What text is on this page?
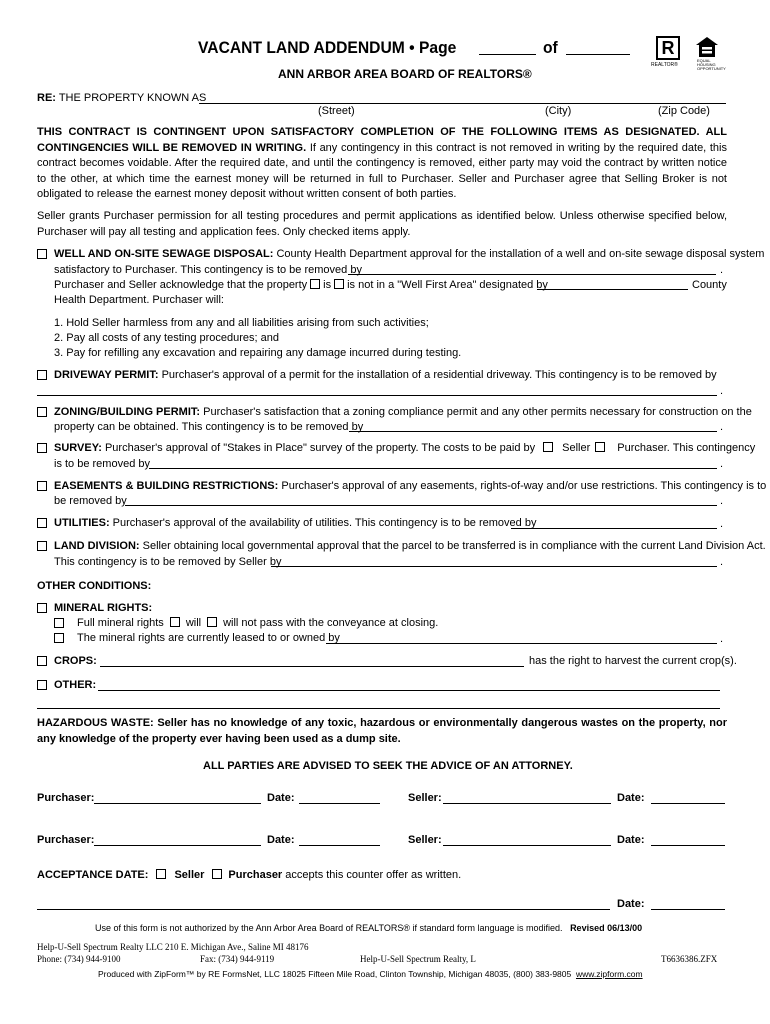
VACANT LAND ADDENDUM • Page	of	R
REALTOR®
EQUAL HOUSING OPPORTUNITY
ANN ARBOR AREA BOARD OF REALTORS®
RE: THE PROPERTY KNOWN AS
(Street)	(City)	(Zip Code)
THIS CONTRACT IS CONTINGENT UPON SATISFACTORY COMPLETION OF THE FOLLOWING ITEMS AS DESIGNATED. ALL CONTINGENCIES WILL BE REMOVED IN WRITING. If any contingency in this contract is not removed in writing by the required date, this contract becomes voidable. After the required date, and until the contingency is removed, either party may void the contract by written notice to the other, at which time the earnest money will be returned in full to Purchaser. Seller and Purchaser agree that Selling Broker is not obligated to release the earnest money deposit without written consent of both parties.
Seller grants Purchaser permission for all testing procedures and permit applications as identified below. Unless otherwise specified below, Purchaser will pay all testing and application fees. Only checked items apply.
WELL AND ON-SITE SEWAGE DISPOSAL: County Health Department approval for the installation of a well and on-site sewage disposal system
satisfactory to Purchaser. This contingency is to be removed by	.
Purchaser and Seller acknowledge that the property is is not in a "Well First Area" designated by	County
Health Department. Purchaser will:
1. Hold Seller harmless from any and all liabilities arising from such activities;
2. Pay all costs of any testing procedures; and
3. Pay for refilling any excavation and repairing any damage incurred during testing.
DRIVEWAY PERMIT: Purchaser's approval of a permit for the installation of a residential driveway. This contingency is to be removed by
.
ZONING/BUILDING PERMIT: Purchaser's satisfaction that a zoning compliance permit and any other permits necessary for construction on the
property can be obtained. This contingency is to be removed by	.
SURVEY: Purchaser's approval of "Stakes in Place" survey of the property. The costs to be paid by Seller Purchaser. This contingency
is to be removed by	.
EASEMENTS & BUILDING RESTRICTIONS: Purchaser's approval of any easements, rights-of-way and/or use restrictions. This contingency is to
be removed by	.
UTILITIES: Purchaser's approval of the availability of utilities. This contingency is to be removed by	.
LAND DIVISION: Seller obtaining local governmental approval that the parcel to be transferred is in compliance with the current Land Division Act.
This contingency is to be removed by Seller by	.
OTHER CONDITIONS:
MINERAL RIGHTS:
Full mineral rights will will not pass with the conveyance at closing.
The mineral rights are currently leased to or owned by	.
CROPS:	has the right to harvest the current crop(s).
OTHER:
HAZARDOUS WASTE: Seller has no knowledge of any toxic, hazardous or environmentally dangerous wastes on the property, nor any knowledge of the property ever having been used as a dump site.
ALL PARTIES ARE ADVISED TO SEEK THE ADVICE OF AN ATTORNEY.
Purchaser:	Date:	Seller:	Date:
Purchaser:	Date:	Seller:	Date:
ACCEPTANCE DATE: Seller Purchaser accepts this counter offer as written.
Date:
Use of this form is not authorized by the Ann Arbor Area Board of REALTORS® if standard form language is modified. Revised 06/13/00
Help-U-Sell Spectrum Realty LLC 210 E. Michigan Ave., Saline MI 48176
Phone: (734) 944-9100	Fax: (734) 944-9119	Help-U-Sell Spectrum Realty, L	T6636386.ZFX
Produced with ZipForm™ by RE FormsNet, LLC 18025 Fifteen Mile Road, Clinton Township, Michigan 48035, (800) 383-9805 www.zipform.com
